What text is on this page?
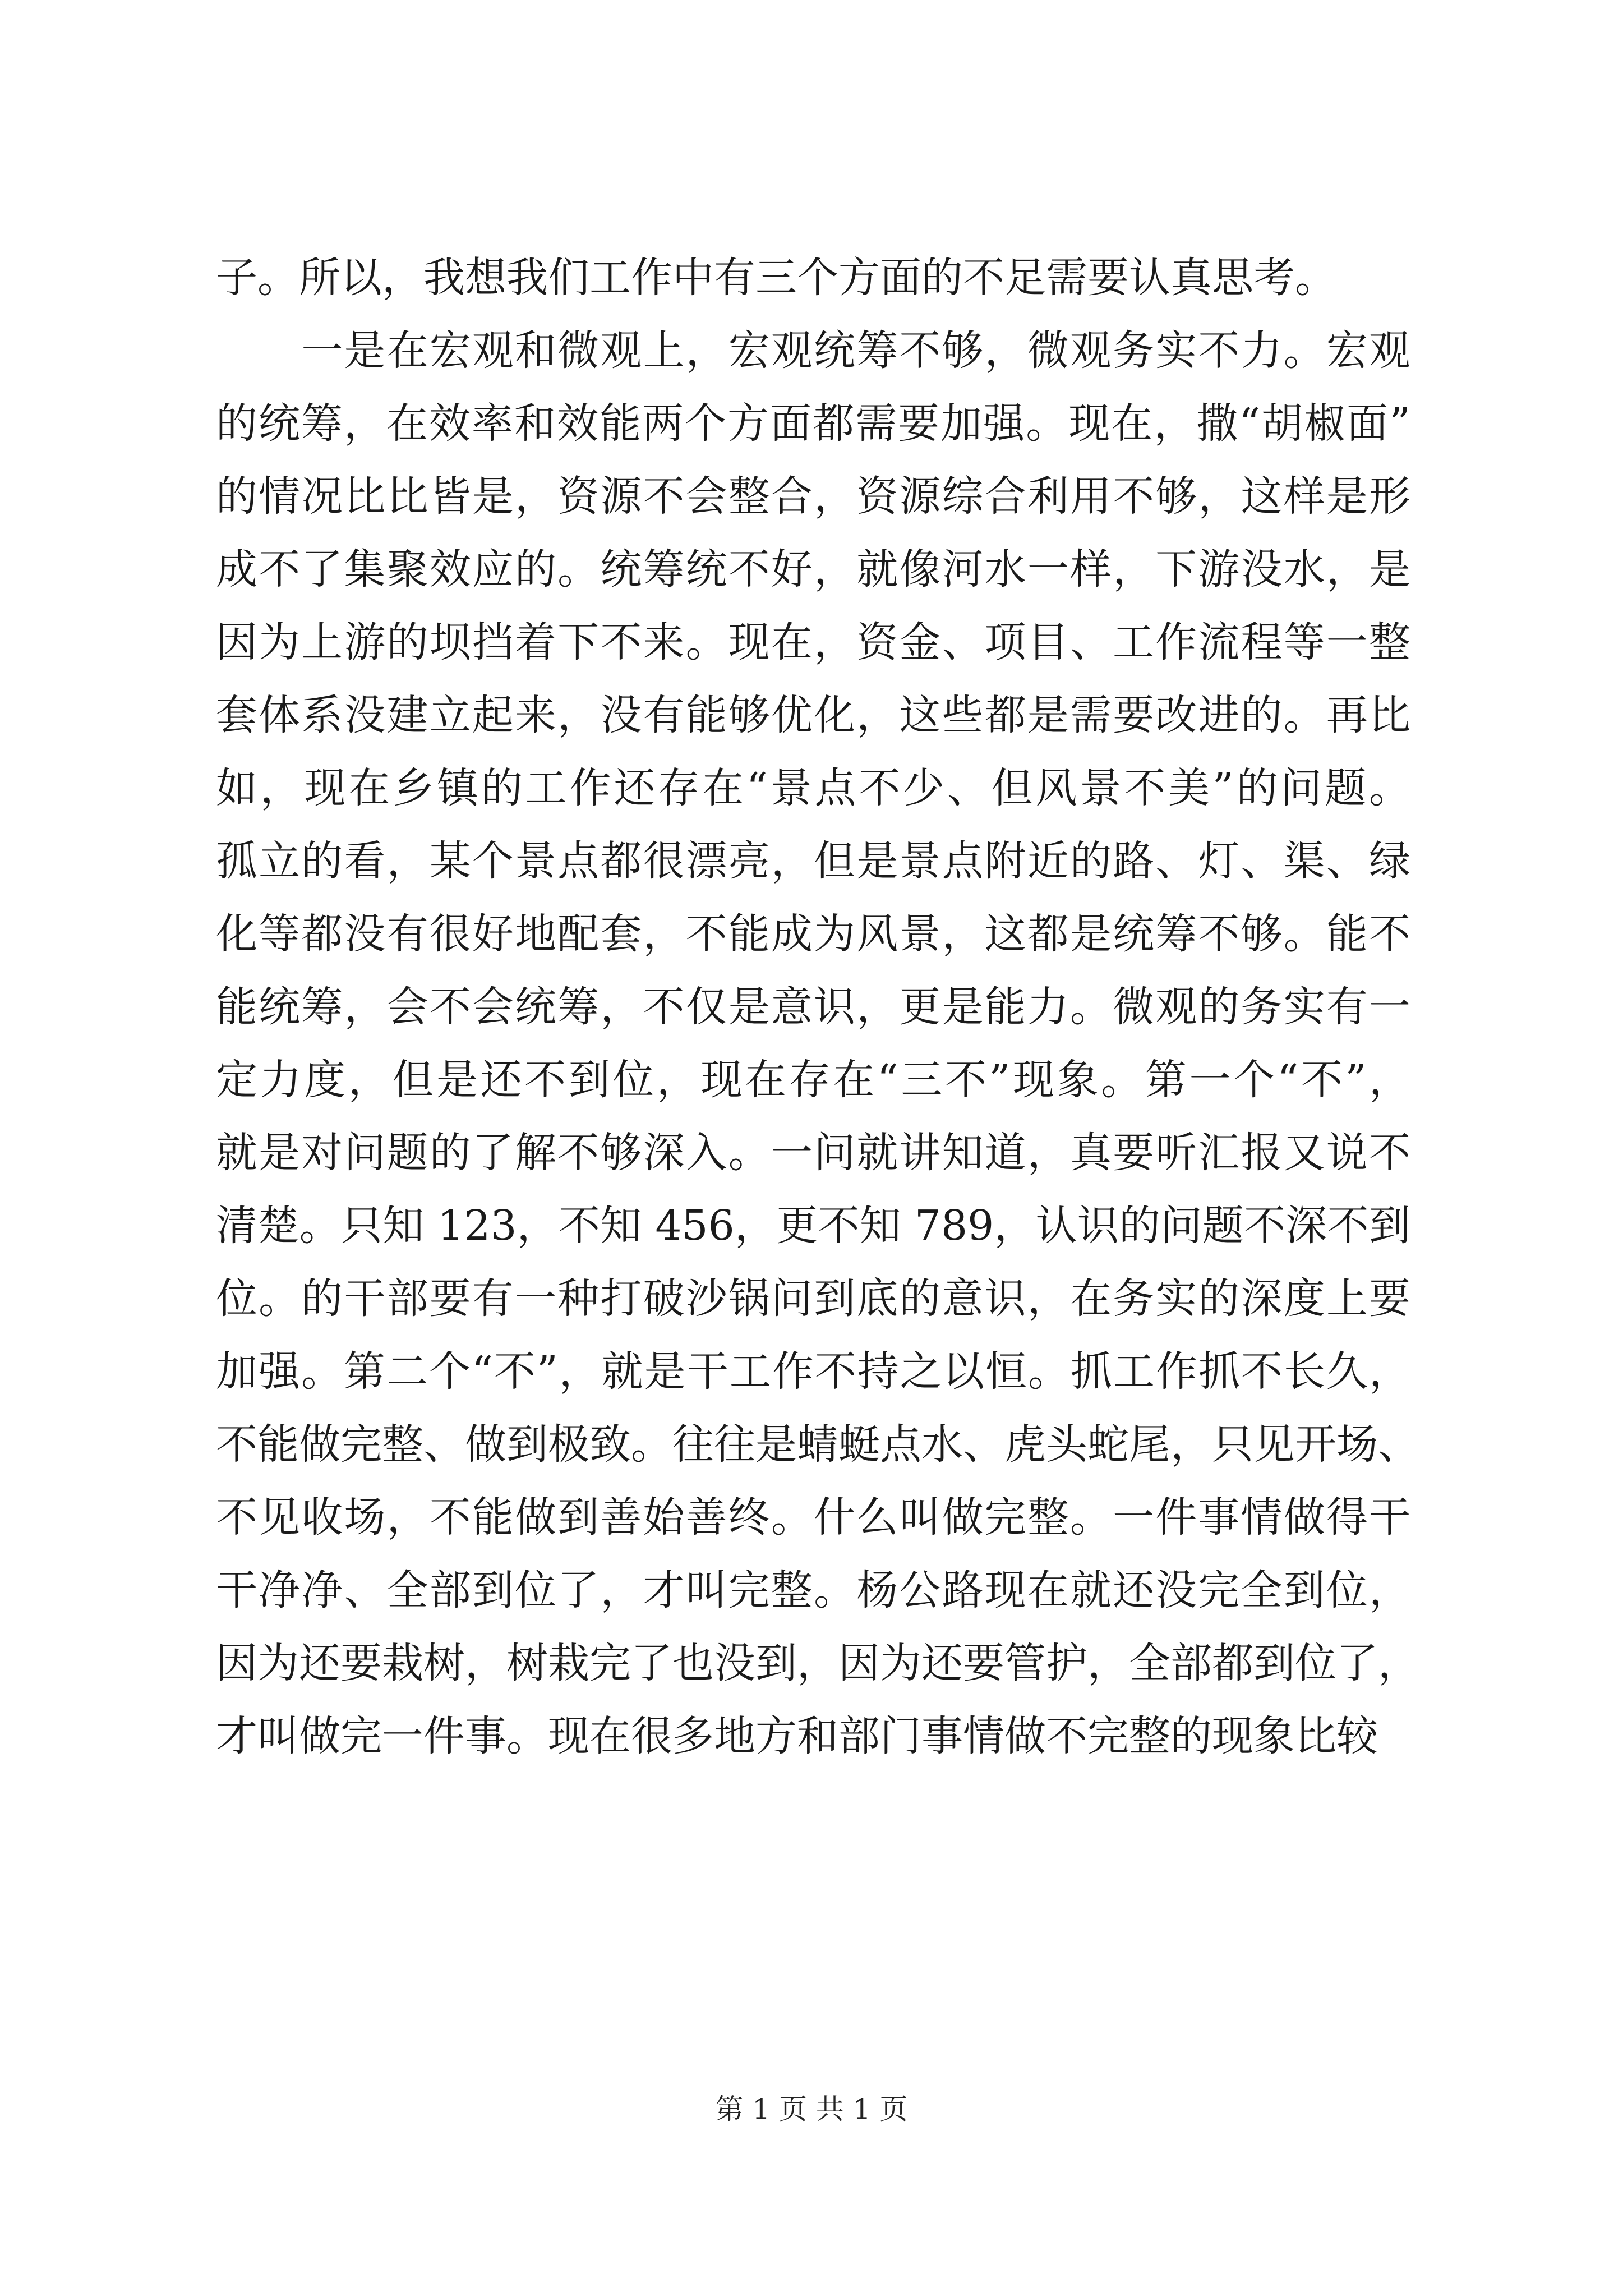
子。所以，我想我们工作中有三个方面的不足需要认真思考。
　　一是在宏观和微观上，宏观统筹不够，微观务实不力。宏观
的统筹，在效率和效能两个方面都需要加强。现在，撒“胡椒面”
的情况比比皆是，资源不会整合，资源综合利用不够，这样是形
成不了集聚效应的。统筹统不好，就像河水一样，下游没水，是
因为上游的坝挡着下不来。现在，资金、项目、工作流程等一整
套体系没建立起来，没有能够优化，这些都是需要改进的。再比
如，现在乡镇的工作还存在“景点不少、但风景不美”的问题。
孤立的看，某个景点都很漂亮，但是景点附近的路、灯、渠、绿
化等都没有很好地配套，不能成为风景，这都是统筹不够。能不
能统筹，会不会统筹，不仅是意识，更是能力。微观的务实有一
定力度，但是还不到位，现在存在“三不”现象。第一个“不”，
就是对问题的了解不够深入。一问就讲知道，真要听汇报又说不
清楚。只知 123，不知 456，更不知 789，认识的问题不深不到
位。的干部要有一种打破沙锅问到底的意识，在务实的深度上要
加强。第二个“不”，就是干工作不持之以恒。抓工作抓不长久，
不能做完整、做到极致。往往是蜻蜓点水、虎头蛇尾，只见开场、
不见收场，不能做到善始善终。什么叫做完整。一件事情做得干
干净净、全部到位了，才叫完整。杨公路现在就还没完全到位，
因为还要栽树，树栽完了也没到，因为还要管护，全部都到位了，
才叫做完一件事。现在很多地方和部门事情做不完整的现象比较
第 1 页 共 1 页
